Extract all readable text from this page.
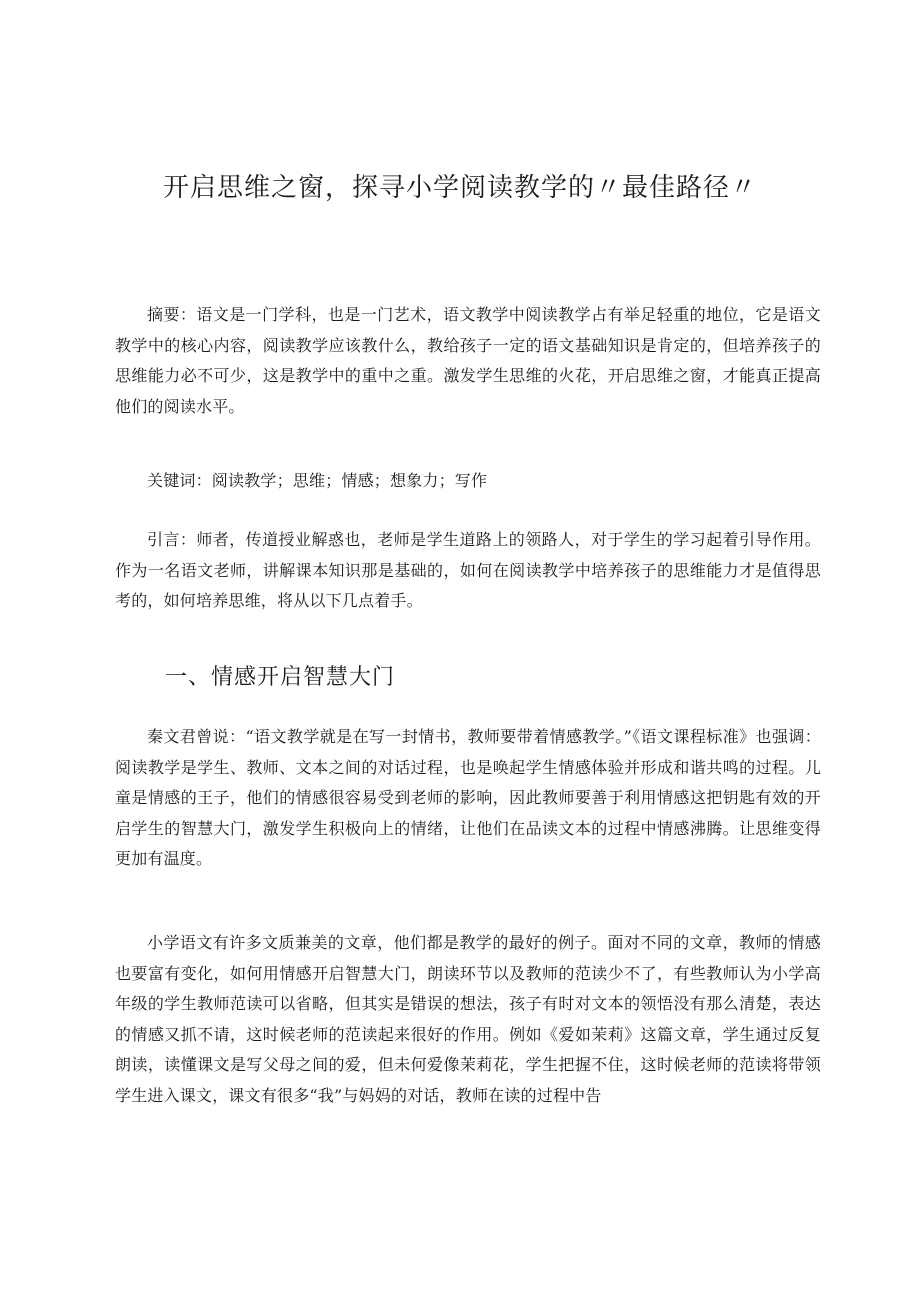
开启思维之窗，探寻小学阅读教学的〃最佳路径〃

摘要：语文是一门学科，也是一门艺术，语文教学中阅读教学占有举足轻重的地位，它是语文教学中的核心内容，阅读教学应该教什么，教给孩子一定的语文基础知识是肯定的，但培养孩子的思维能力必不可少，这是教学中的重中之重。激发学生思维的火花，开启思维之窗，才能真正提高他们的阅读水平。

关键词：阅读教学；思维；情感；想象力；写作

引言：师者，传道授业解惑也，老师是学生道路上的领路人，对于学生的学习起着引导作用。作为一名语文老师，讲解课本知识那是基础的，如何在阅读教学中培养孩子的思维能力才是值得思考的，如何培养思维，将从以下几点着手。

一、情感开启智慧大门

秦文君曾说：“语文教学就是在写一封情书，教师要带着情感教学。”《语文课程标准》也强调：阅读教学是学生、教师、文本之间的对话过程，也是唤起学生情感体验并形成和谐共鸣的过程。儿童是情感的王子，他们的情感很容易受到老师的影响，因此教师要善于利用情感这把钥匙有效的开启学生的智慧大门，激发学生积极向上的情绪，让他们在品读文本的过程中情感沸腾。让思维变得更加有温度。

小学语文有许多文质兼美的文章，他们都是教学的最好的例子。面对不同的文章，教师的情感也要富有变化，如何用情感开启智慧大门，朗读环节以及教师的范读少不了，有些教师认为小学高年级的学生教师范读可以省略，但其实是错误的想法，孩子有时对文本的领悟没有那么清楚，表达的情感又抓不请，这时候老师的范读起来很好的作用。例如《爱如茉莉》这篇文章，学生通过反复朗读，读懂课文是写父母之间的爱，但未何爱像茉莉花，学生把握不住，这时候老师的范读将带领学生进入课文，课文有很多“我”与妈妈的对话，教师在读的过程中告
